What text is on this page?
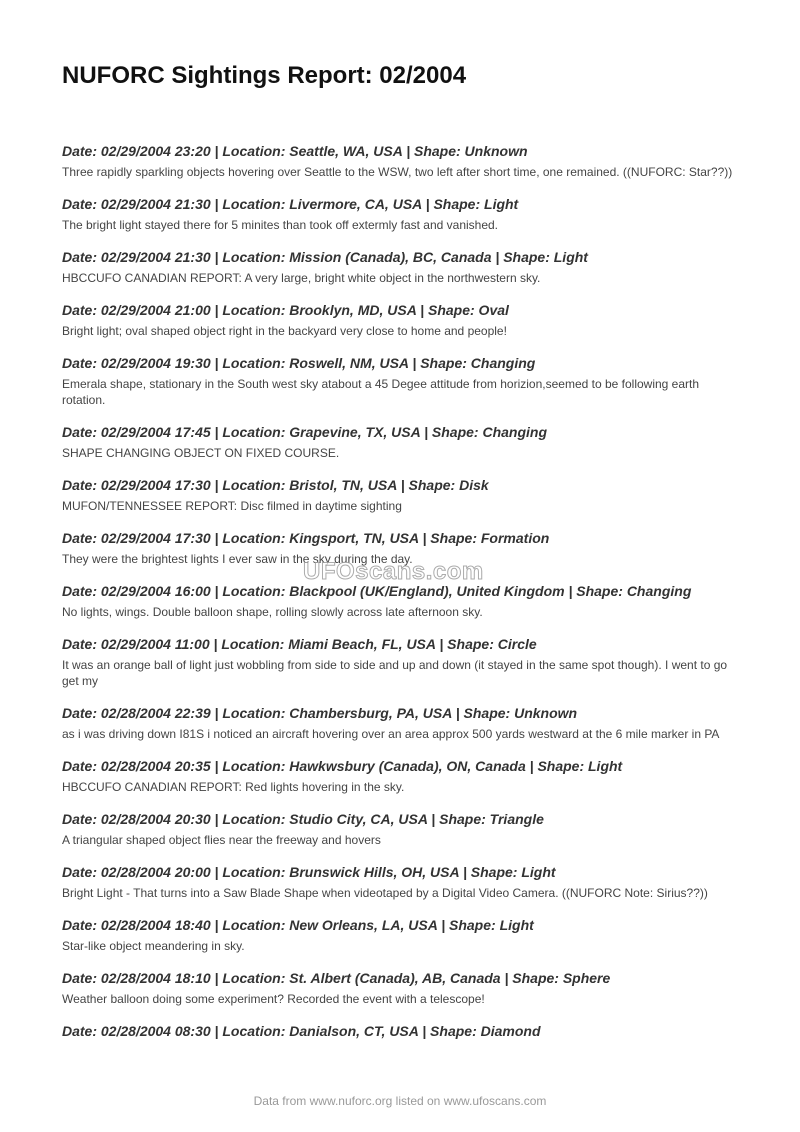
NUFORC Sightings Report: 02/2004
Date: 02/29/2004 23:20 | Location: Seattle, WA, USA | Shape: Unknown
Three rapidly sparkling objects hovering over Seattle to the WSW, two left after short time, one remained. ((NUFORC: Star??))
Date: 02/29/2004 21:30 | Location: Livermore, CA, USA | Shape: Light
The bright light stayed there for 5 minites than took off extermly fast and vanished.
Date: 02/29/2004 21:30 | Location: Mission (Canada), BC, Canada | Shape: Light
HBCCUFO CANADIAN REPORT: A very large, bright white object in the northwestern sky.
Date: 02/29/2004 21:00 | Location: Brooklyn, MD, USA | Shape: Oval
Bright light; oval shaped object right in the backyard very close to home and people!
Date: 02/29/2004 19:30 | Location: Roswell, NM, USA | Shape: Changing
Emerala shape, stationary in the South west sky atabout a 45 Degee attitude from horizion,seemed to be following earth rotation.
Date: 02/29/2004 17:45 | Location: Grapevine, TX, USA | Shape: Changing
SHAPE CHANGING OBJECT ON FIXED COURSE.
Date: 02/29/2004 17:30 | Location: Bristol, TN, USA | Shape: Disk
MUFON/TENNESSEE REPORT: Disc filmed in daytime sighting
Date: 02/29/2004 17:30 | Location: Kingsport, TN, USA | Shape: Formation
They were the brightest lights I ever saw in the sky during the day.
Date: 02/29/2004 16:00 | Location: Blackpool (UK/England), United Kingdom | Shape: Changing
No lights, wings. Double balloon shape, rolling slowly across late afternoon sky.
Date: 02/29/2004 11:00 | Location: Miami Beach, FL, USA | Shape: Circle
It was an orange ball of light just wobbling from side to side and up and down (it stayed in the same spot though). I went to go get my
Date: 02/28/2004 22:39 | Location: Chambersburg, PA, USA | Shape: Unknown
as i was driving down I81S i noticed an aircraft hovering over an area approx 500 yards westward at the 6 mile marker in PA
Date: 02/28/2004 20:35 | Location: Hawkwsbury (Canada), ON, Canada | Shape: Light
HBCCUFO CANADIAN REPORT: Red lights hovering in the sky.
Date: 02/28/2004 20:30 | Location: Studio City, CA, USA | Shape: Triangle
A triangular shaped object flies near the freeway and hovers
Date: 02/28/2004 20:00 | Location: Brunswick Hills, OH, USA | Shape: Light
Bright Light - That turns into a Saw Blade Shape when videotaped by a Digital Video Camera. ((NUFORC Note: Sirius??))
Date: 02/28/2004 18:40 | Location: New Orleans, LA, USA | Shape: Light
Star-like object meandering in sky.
Date: 02/28/2004 18:10 | Location: St. Albert (Canada), AB, Canada | Shape: Sphere
Weather balloon doing some experiment? Recorded the event with a telescope!
Date: 02/28/2004 08:30 | Location: Danialson, CT, USA | Shape: Diamond
UFOscans.com
Data from www.nuforc.org listed on www.ufoscans.com
